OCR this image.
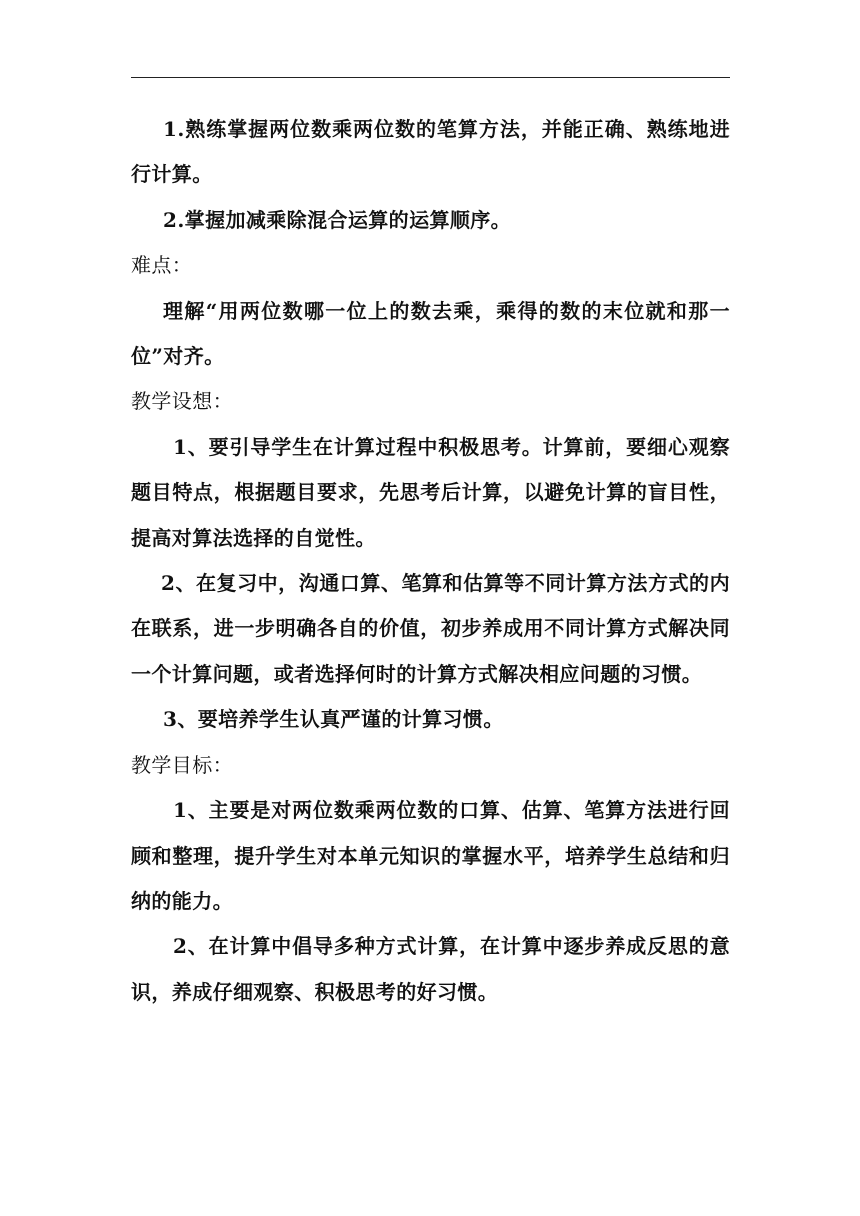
1.熟练掌握两位数乘两位数的笔算方法，并能正确、熟练地进行计算。

2.掌握加减乘除混合运算的运算顺序。

难点：

理解“用两位数哪一位上的数去乘，乘得的数的末位就和那一位”对齐。

教学设想：

1、要引导学生在计算过程中积极思考。计算前，要细心观察题目特点，根据题目要求，先思考后计算，以避免计算的盲目性，提高对算法选择的自觉性。

2、在复习中，沟通口算、笔算和估算等不同计算方法方式的内在联系，进一步明确各自的价值，初步养成用不同计算方式解决同一个计算问题，或者选择何时的计算方式解决相应问题的习惯。

3、要培养学生认真严谨的计算习惯。

教学目标：

1、主要是对两位数乘两位数的口算、估算、笔算方法进行回顾和整理，提升学生对本单元知识的掌握水平，培养学生总结和归纳的能力。

2、在计算中倡导多种方式计算，在计算中逐步养成反思的意识，养成仔细观察、积极思考的好习惯。
